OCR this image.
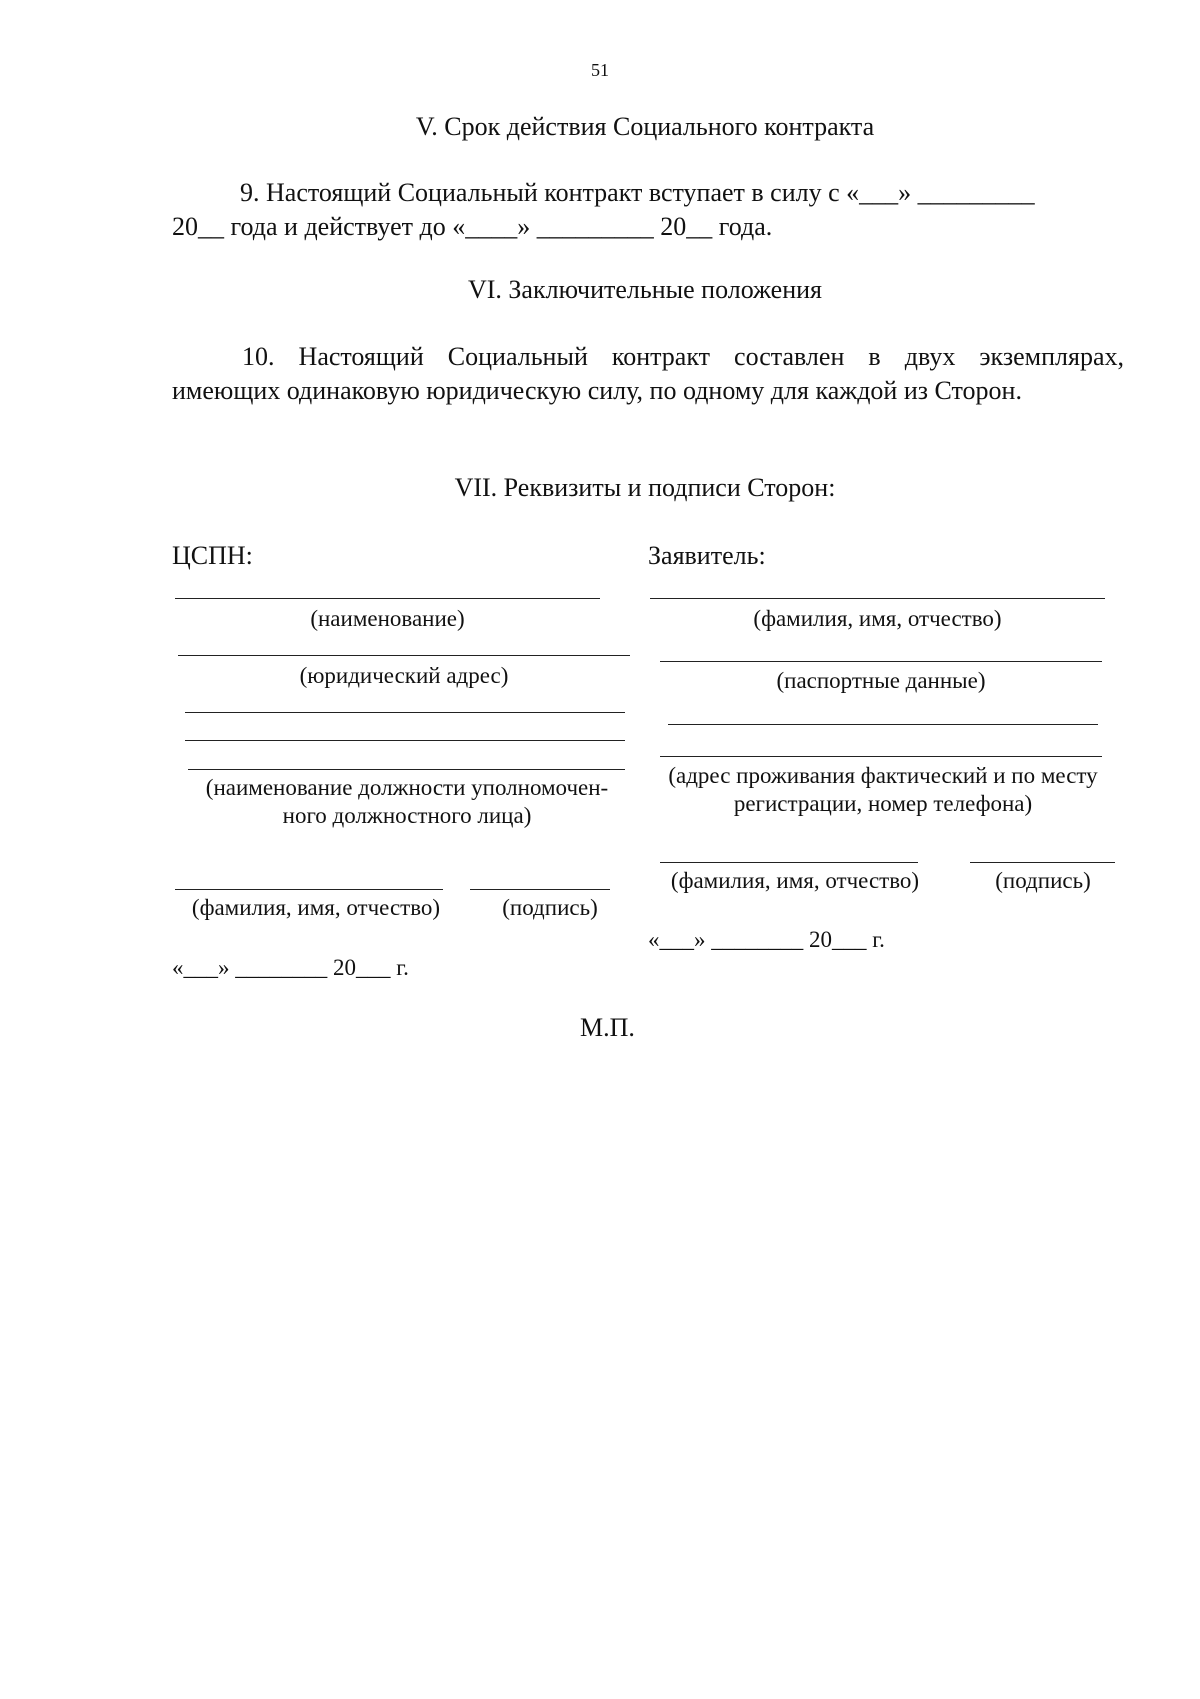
51
V. Срок действия Социального контракта
9. Настоящий Социальный контракт вступает в силу с «___» _________
20__ года и действует до «____» _________ 20__ года.
VI. Заключительные положения
10. Настоящий Социальный контракт составлен в двух экземплярах,
имеющих одинаковую юридическую силу, по одному для каждой из Сторон.
VII. Реквизиты и подписи Сторон:
ЦСПН:
(наименование)
(юридический адрес)
(наименование должности уполномочен-
ного должностного лица)
(фамилия, имя, отчество)	(подпись)
«___» ________ 20___ г.
Заявитель:
(фамилия, имя, отчество)
(паспортные данные)
(адрес проживания фактический и по месту
регистрации, номер телефона)
(фамилия, имя, отчество)	(подпись)
«___» ________ 20___ г.
М.П.
